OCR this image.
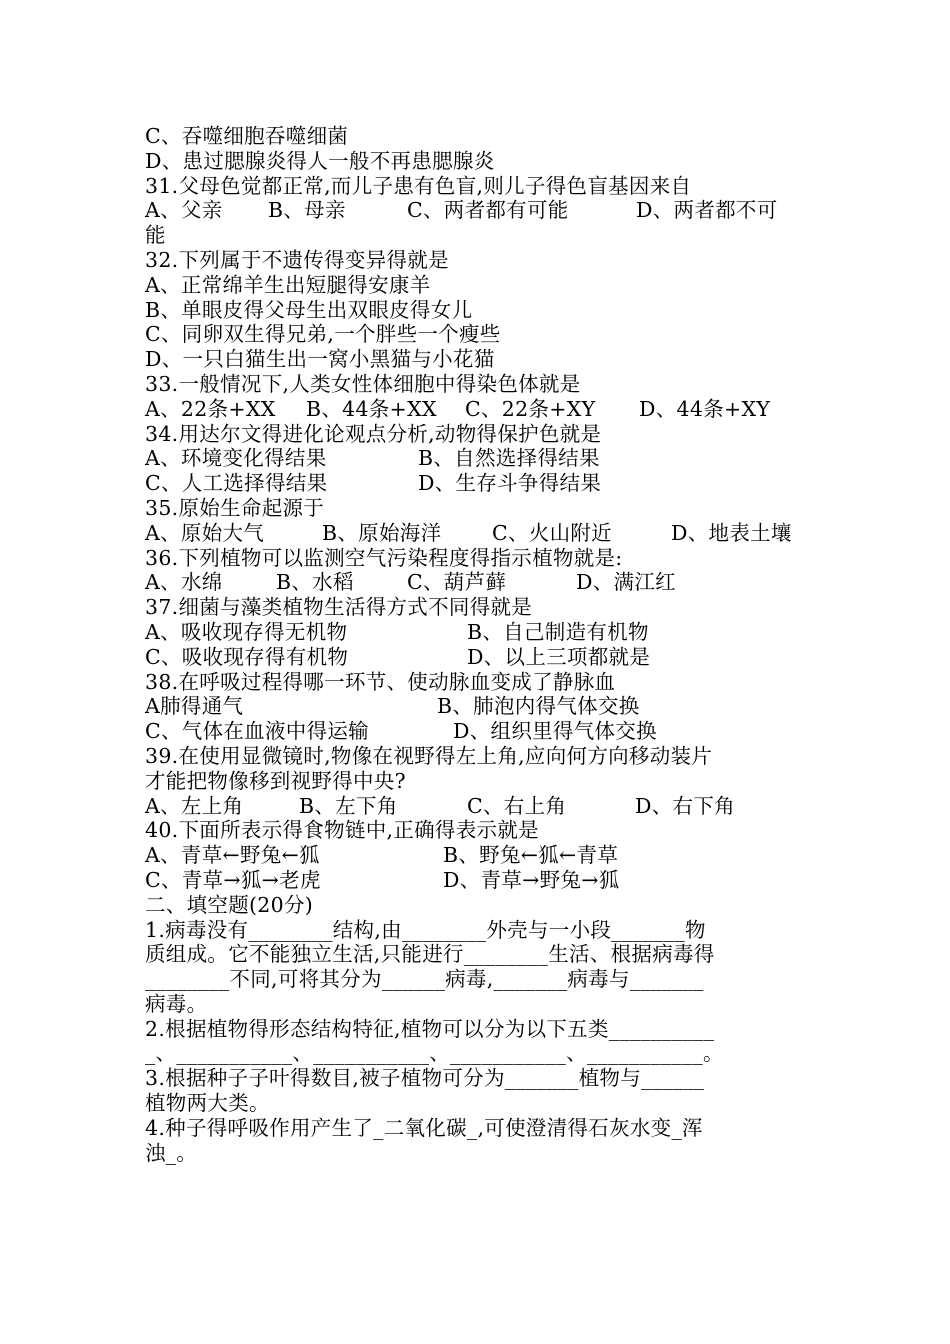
C、吞噬细胞吞噬细菌
D、患过腮腺炎得人一般不再患腮腺炎
31.父母色觉都正常,而儿子患有色盲,则儿子得色盲基因来自

A、父亲

B、母亲

	C、两者都有可能

	D、两者都不可

能
32.下列属于不遗传得变异得就是
A、正常绵羊生出短腿得安康羊
B、单眼皮得父母生出双眼皮得女儿
C、同卵双生得兄弟,一个胖些一个瘦些
D、一只白猫生出一窝小黑猫与小花猫
33.一般情况下,人类女性体细胞中得染色体就是

A、22条+XX

B、44条+XX

C、22条+XY

D、44条+XY

34.用达尔文得进化论观点分析,动物得保护色就是

A、环境变化得结果

	B、自然选择得结果

C、人工选择得结果

	D、生存斗争得结果

35.原始生命起源于

A、原始大气

	B、原始海洋

C、火山附近

	D、地表土壤

36.下列植物可以监测空气污染程度得指示植物就是:

A、水绵

	B、水稻

	C、葫芦藓

	D、满江红

37.细菌与藻类植物生活得方式不同得就是

A、吸收现存得无机物

	B、自己制造有机物

C、吸收现存得有机物

	D、以上三项都就是

38.在呼吸过程得哪一环节、使动脉血变成了静脉血

A肺得通气

	B、肺泡内得气体交换

C、气体在血液中得运输

	D、组织里得气体交换

39.在使用显微镜时,物像在视野得左上角,应向何方向移动装片
才能把物像移到视野得中央?

A、左上角

	B、左下角

	C、右上角

	D、右下角

40.下面所表示得食物链中,正确得表示就是

A、青草←野兔←狐

	B、野兔←狐←青草

C、青草→狐→老虎

	D、青草→野兔→狐

二、填空题(20分)
1.病毒没有________结构,由________外壳与一小段_______物
质组成。它不能独立生活,只能进行________生活、根据病毒得
________不同,可将其分为______病毒,_______病毒与_______
病毒。
2.根据植物得形态结构特征,植物可以分为以下五类__________
_、___________、___________、___________、___________。
3.根据种子子叶得数目,被子植物可分为_______植物与______
植物两大类。
4.种子得呼吸作用产生了_二氧化碳_,可使澄清得石灰水变_浑
浊_。
